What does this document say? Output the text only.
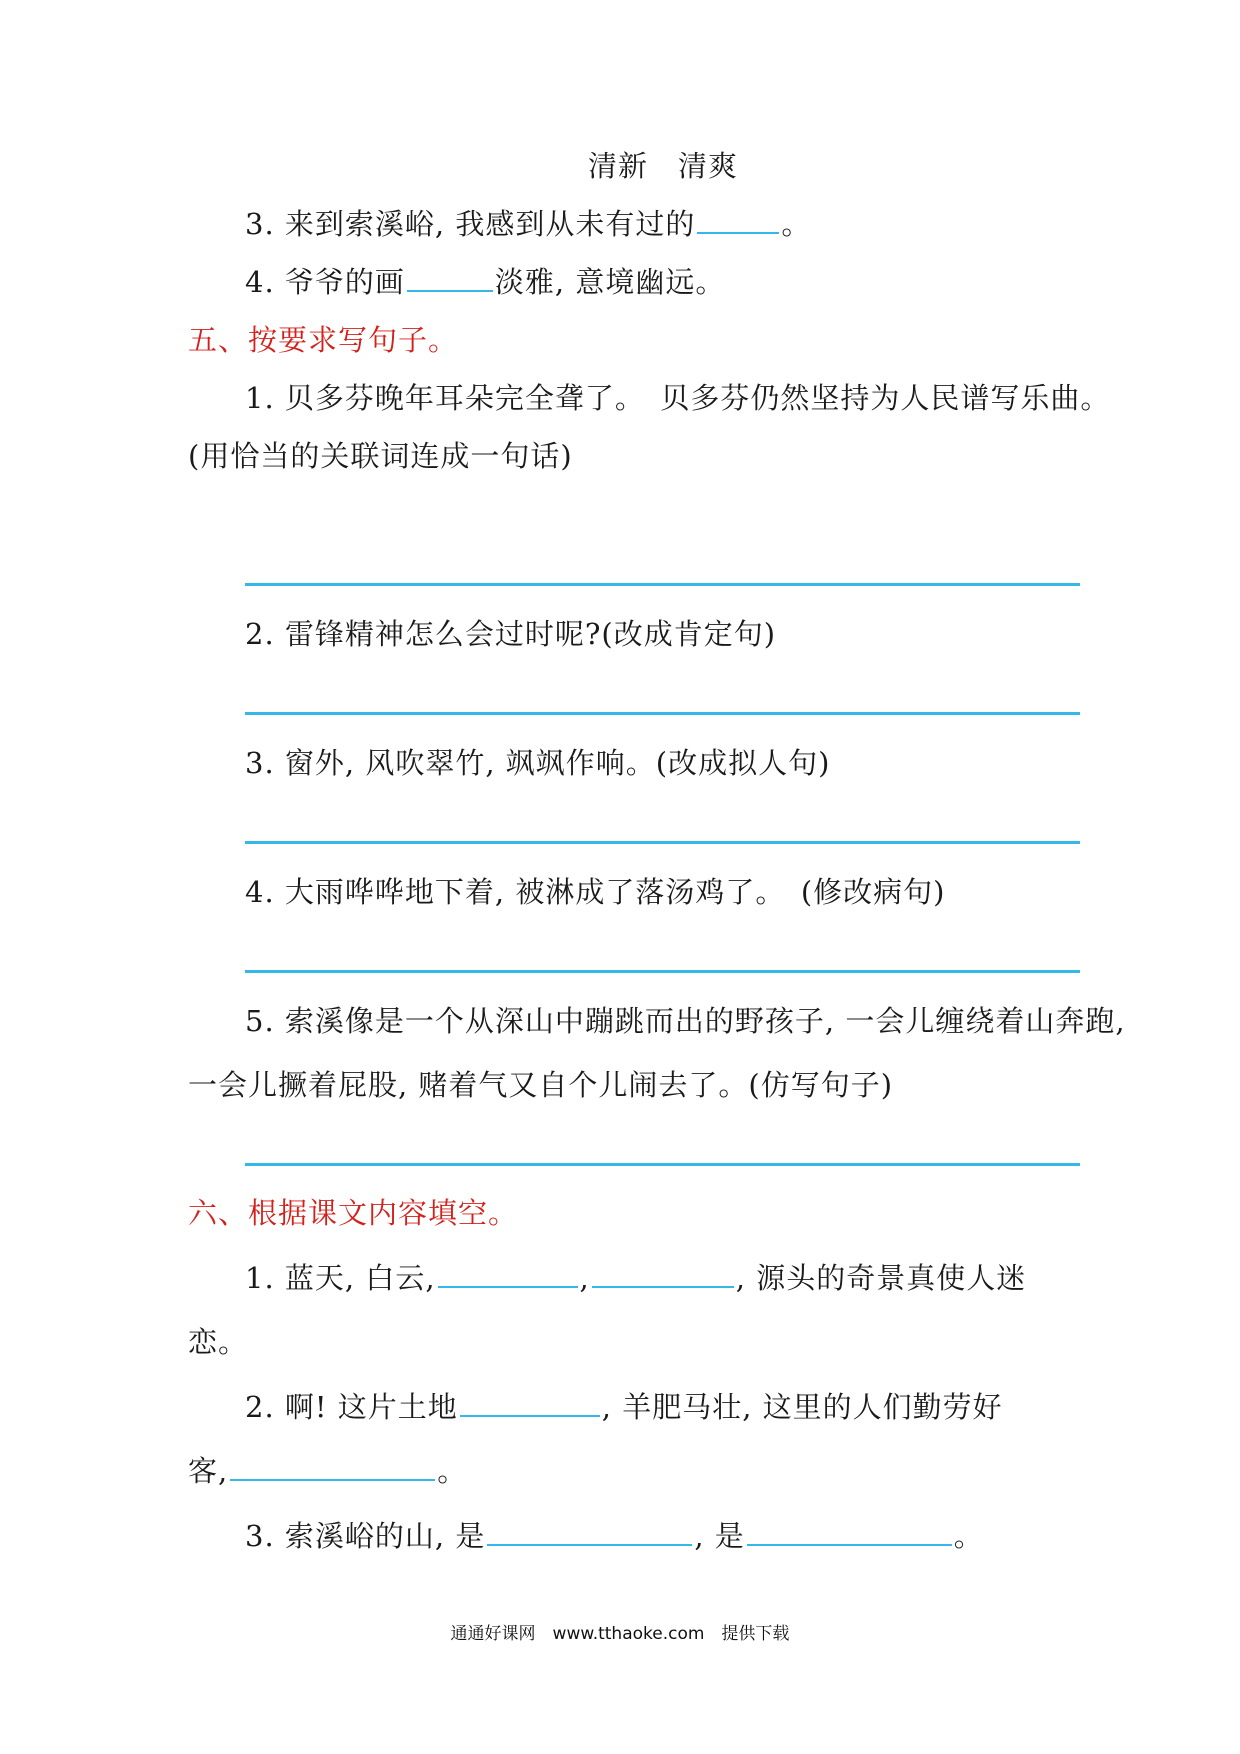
清新　清爽
3. 来到索溪峪, 我感到从未有过的	。
4. 爷爷的画	淡雅, 意境幽远。
五、按要求写句子。
1. 贝多芬晚年耳朵完全聋了。　贝多芬仍然坚持为人民谱写乐曲。
(用恰当的关联词连成一句话)
2. 雷锋精神怎么会过时呢?(改成肯定句)
3. 窗外, 风吹翠竹, 飒飒作响。(改成拟人句)
4. 大雨哗哗地下着, 被淋成了落汤鸡了。　(修改病句)
5. 索溪像是一个从深山中蹦跳而出的野孩子, 一会儿缠绕着山奔跑,
一会儿撅着屁股, 赌着气又自个儿闹去了。(仿写句子)
六、根据课文内容填空。
1. 蓝天, 白云,	,	, 源头的奇景真使人迷
恋。
2. 啊! 这片土地	, 羊肥马壮, 这里的人们勤劳好
客,	。
3. 索溪峪的山, 是	, 是	。
通通好课网　www.tthaoke.com　提供下载
